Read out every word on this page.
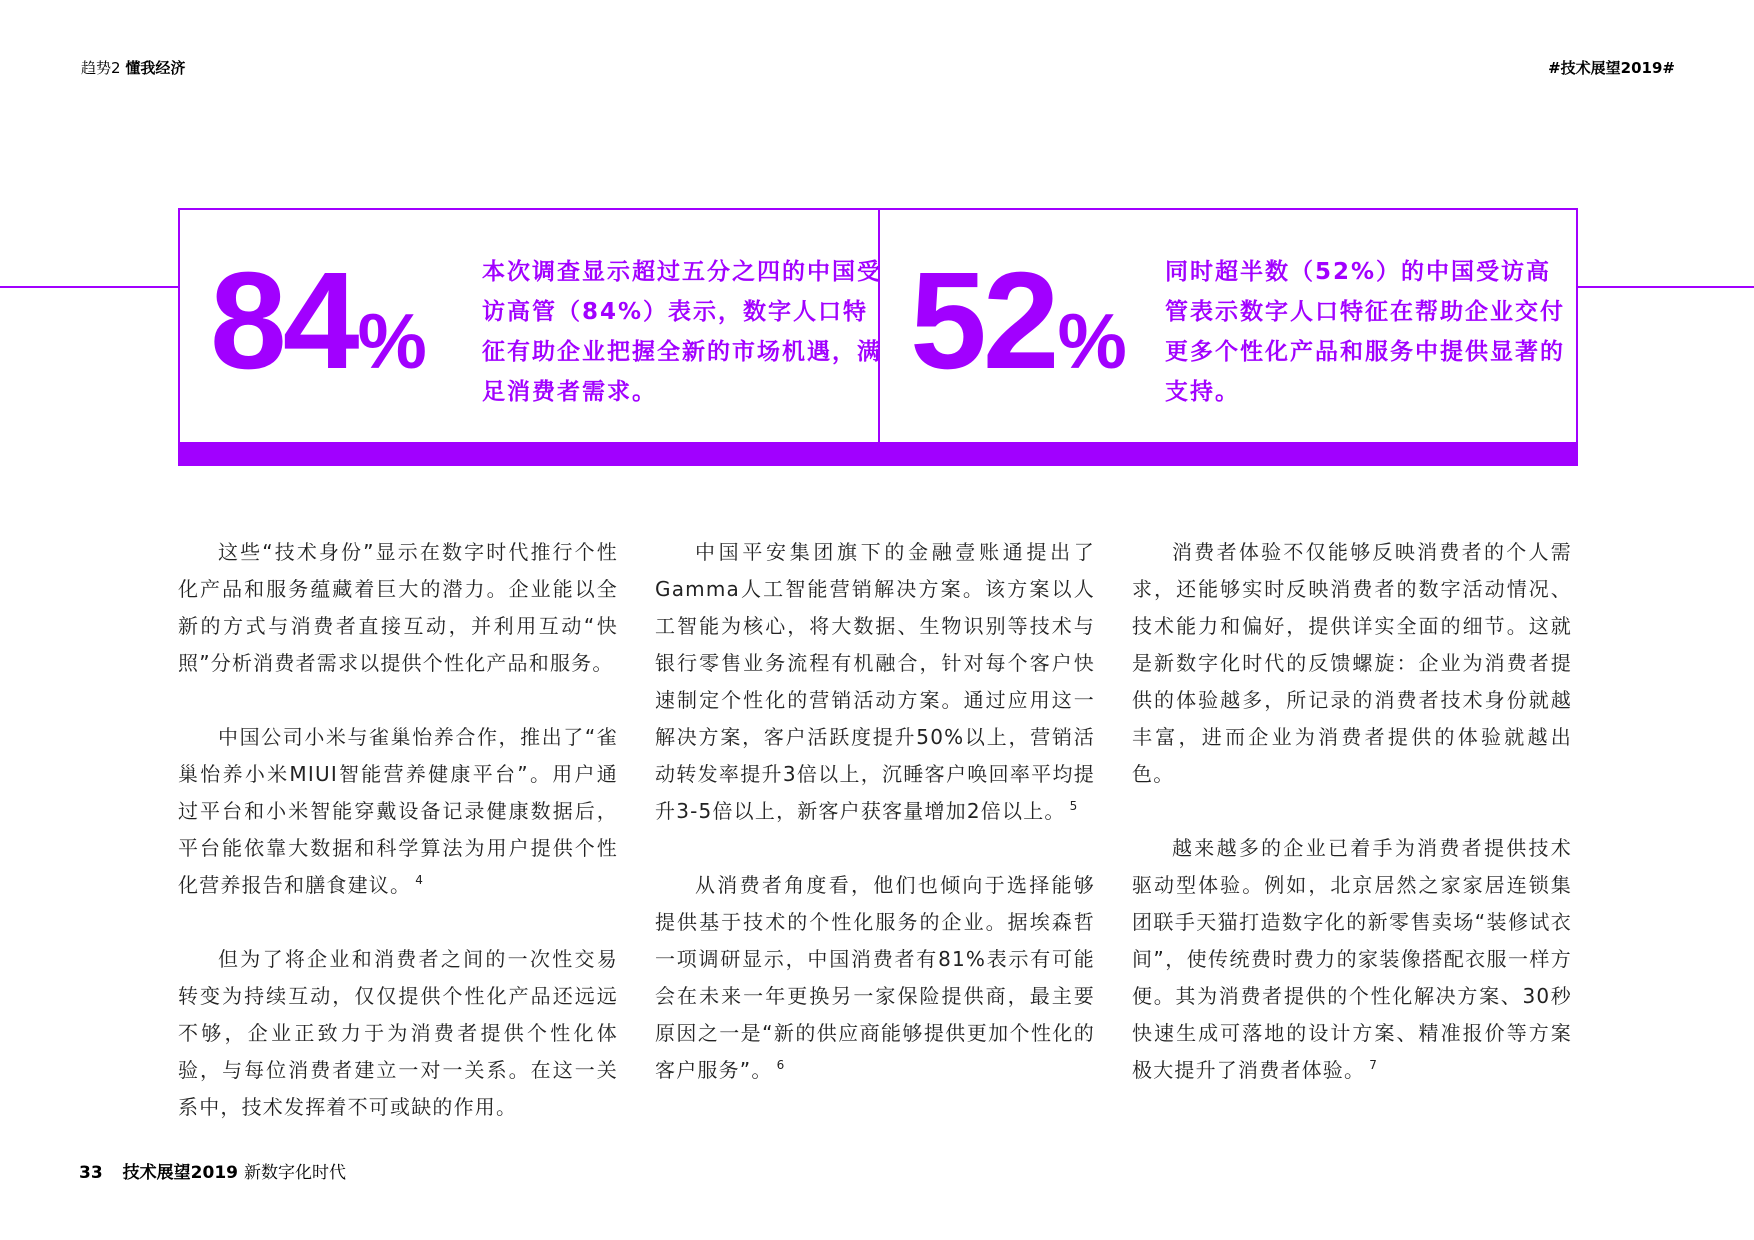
趋势2 懂我经济	#技术展望2019#
84%
本次调查显示超过五分之四的中国受访高管（84%）表示，数字人口特征有助企业把握全新的市场机遇，满足消费者需求。	52%
同时超半数（52%）的中国受访高管表示数字人口特征在帮助企业交付更多个性化产品和服务中提供显著的支持。

这些“技术身份”显示在数字时代推行个性化产品和服务蕴藏着巨大的潜力。企业能以全新的方式与消费者直接互动，并利用互动“快照”分析消费者需求以提供个性化产品和服务。

中国公司小米与雀巢怡养合作，推出了“雀巢怡养小米MIUI智能营养健康平台”。用户通过平台和小米智能穿戴设备记录健康数据后，平台能依靠大数据和科学算法为用户提供个性化营养报告和膳食建议。 $^4$

但为了将企业和消费者之间的一次性交易转变为持续互动，仅仅提供个性化产品还远远不够，企业正致力于为消费者提供个性化体验，与每位消费者建立一对一关系。在这一关系中，技术发挥着不可或缺的作用。

中国平安集团旗下的金融壹账通提出了Gamma人工智能营销解决方案。该方案以人工智能为核心，将大数据、生物识别等技术与银行零售业务流程有机融合，针对每个客户快速制定个性化的营销活动方案。通过应用这一解决方案，客户活跃度提升50%以上，营销活动转发率提升3倍以上，沉睡客户唤回率平均提升3-5倍以上，新客户获客量增加2倍以上。 $^5$

从消费者角度看，他们也倾向于选择能够提供基于技术的个性化服务的企业。据埃森哲一项调研显示，中国消费者有81%表示有可能会在未来一年更换另一家保险提供商，最主要原因之一是“新的供应商能够提供更加个性化的客户服务”。 $^6$

消费者体验不仅能够反映消费者的个人需求，还能够实时反映消费者的数字活动情况、技术能力和偏好，提供详实全面的细节。这就是新数字化时代的反馈螺旋：企业为消费者提供的体验越多，所记录的消费者技术身份就越丰富，进而企业为消费者提供的体验就越出色。

越来越多的企业已着手为消费者提供技术驱动型体验。例如，北京居然之家家居连锁集团联手天猫打造数字化的新零售卖场“装修试衣间”，使传统费时费力的家装像搭配衣服一样方便。其为消费者提供的个性化解决方案、30秒快速生成可落地的设计方案、精准报价等方案极大提升了消费者体验。 $^7$

33 技术展望2019 新数字化时代
